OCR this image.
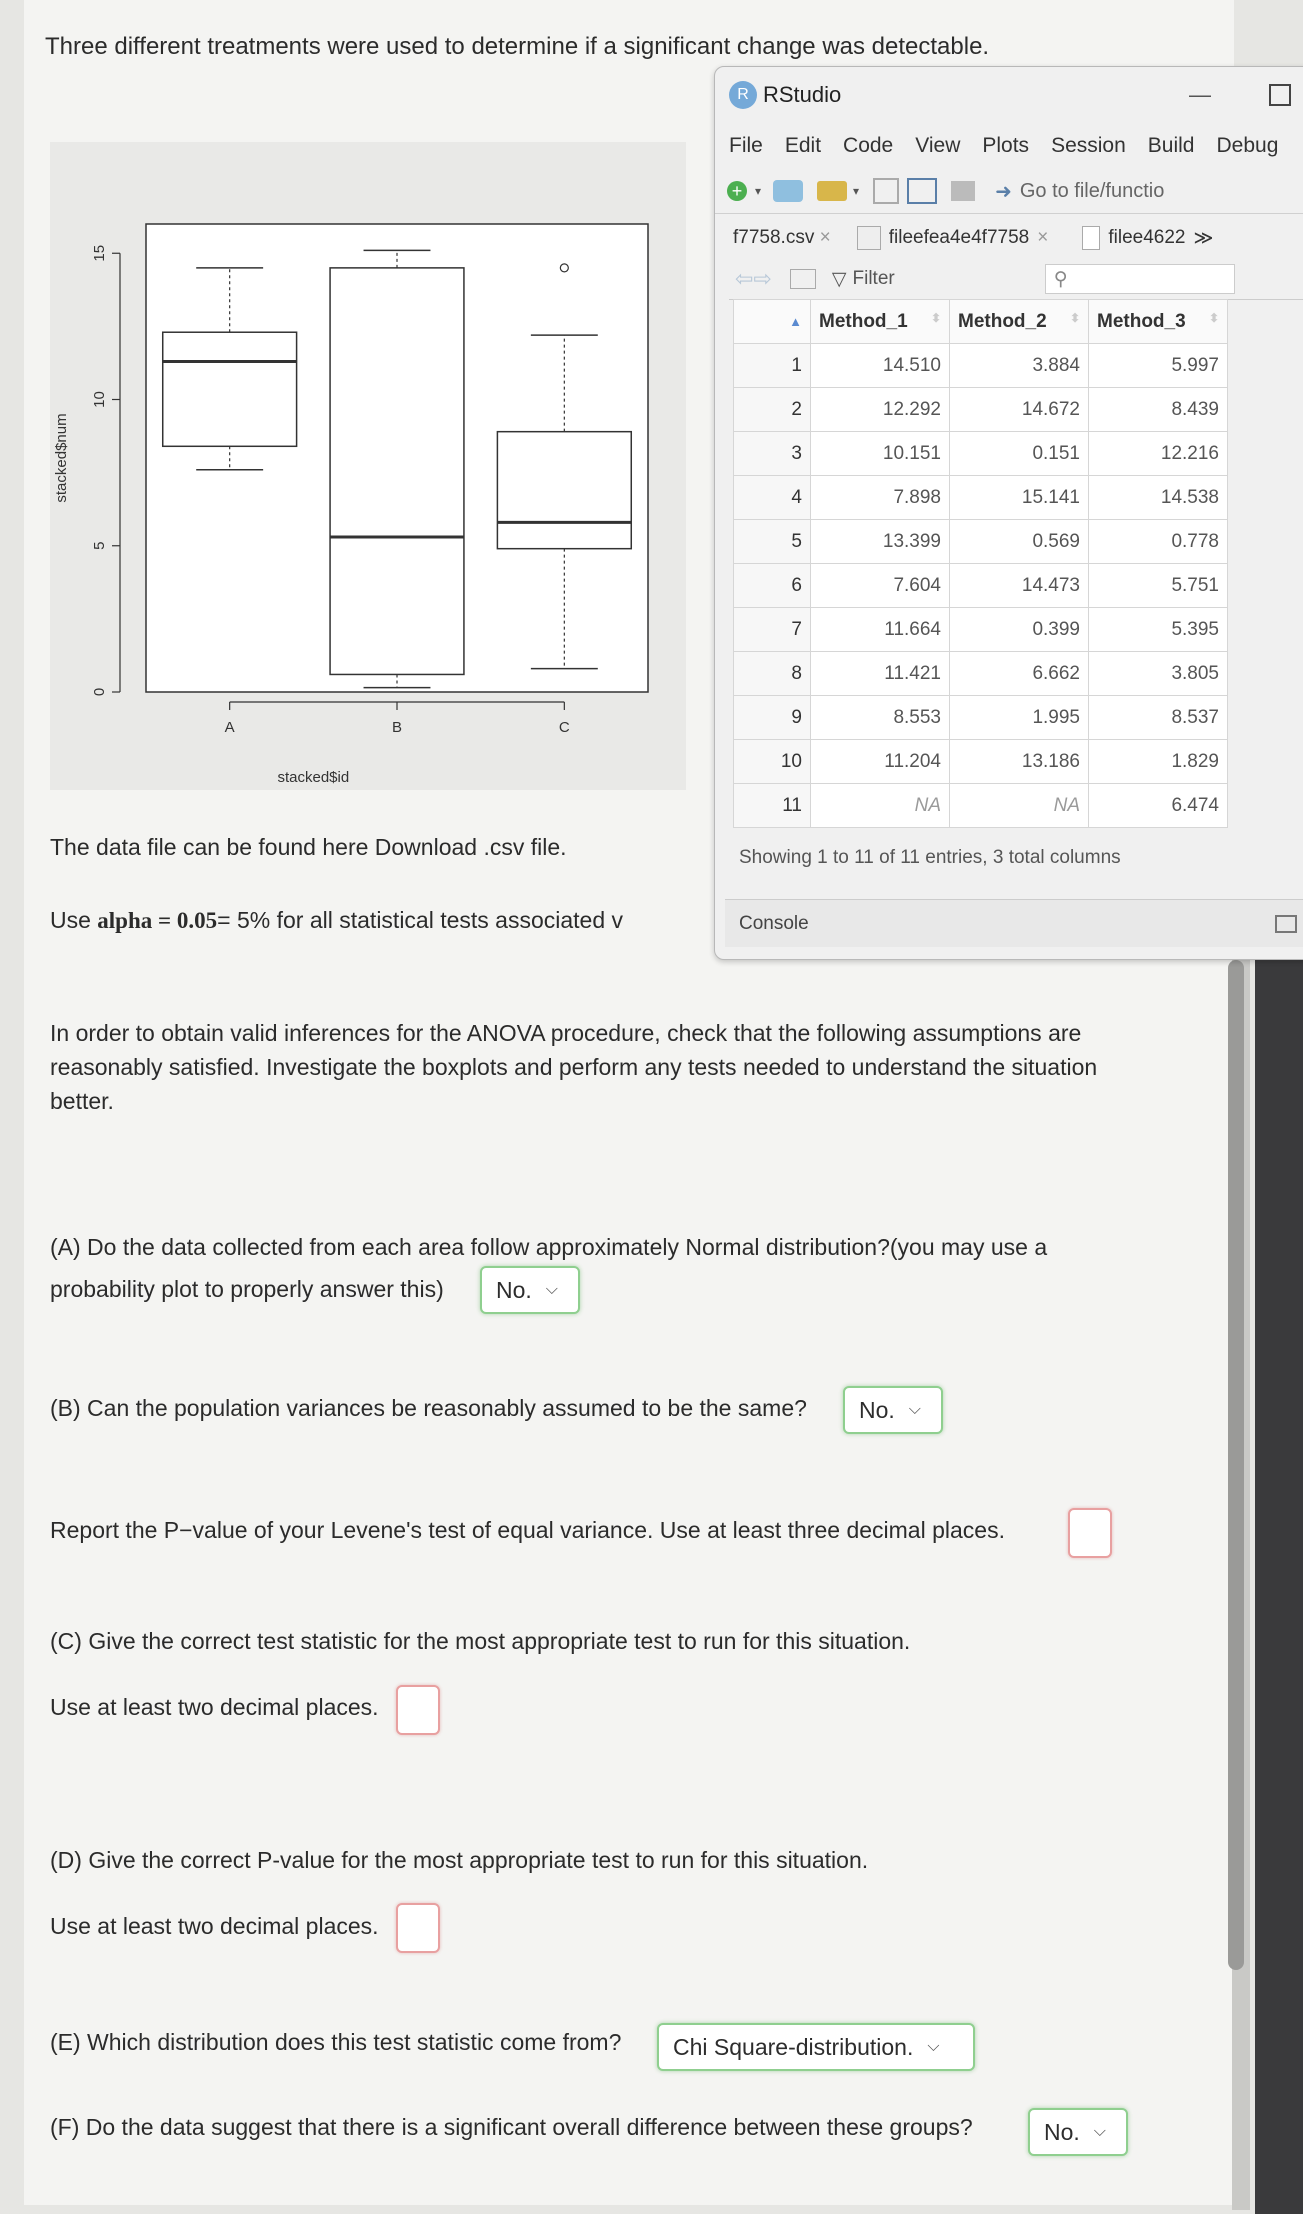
Three different treatments were used to determine if a significant change was detectable.
0
5
10
15
stacked$num
A	B	C
stacked$id
The data file can be found here Download .csv file.
Use alpha = 0.05= 5% for all statistical tests associated v
R RStudio	—
File Edit Code View Plots Session Build Debug
+	▾	▾	➜ Go to file/functio
f7758.csv ×	fileefea4e4f7758 ×	filee4622 ≫
⇦⇨	▽ Filter	⚲
▲	Method_1 ⬍	Method_2 ⬍	Method_3 ⬍

1	14.510	3.884	5.997
2	12.292	14.672	8.439
3	10.151	0.151	12.216
4	7.898	15.141	14.538
5	13.399	0.569	0.778
6	7.604	14.473	5.751
7	11.664	0.399	5.395
8	11.421	6.662	3.805
9	8.553	1.995	8.537
10	11.204	13.186	1.829
11	NA	NA	6.474
Showing 1 to 11 of 11 entries, 3 total columns
Console
In order to obtain valid inferences for the ANOVA procedure, check that the following assumptions are
reasonably satisfied. Investigate the boxplots and perform any tests needed to understand the situation
better.
(A) Do the data collected from each area follow approximately Normal distribution?(you may use a
probability plot to properly answer this)	No. ⌵
(B) Can the population variances be reasonably assumed to be the same? No. ⌵
Report the P−value of your Levene's test of equal variance. Use at least three decimal places.
(C) Give the correct test statistic for the most appropriate test to run for this situation.
Use at least two decimal places.
(D) Give the correct P-value for the most appropriate test to run for this situation.
Use at least two decimal places.
(E) Which distribution does this test statistic come from? Chi Square-distribution. ⌵
(F) Do the data suggest that there is a significant overall difference between these groups?	No. ⌵
